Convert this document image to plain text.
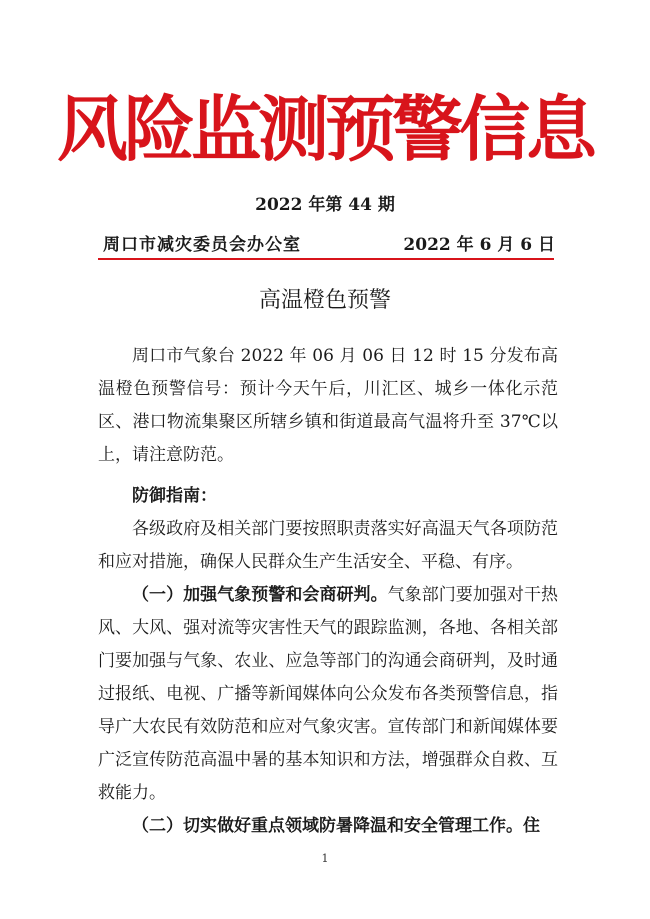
风险监测预警信息
2022 年第 44 期
周口市减灾委员会办公室	2022 年 6 月 6 日
高温橙色预警

周口市气象台 2022 年 06 月 06 日 12 时 15 分发布高温橙色预警信号：预计今天午后，川汇区、城乡一体化示范区、港口物流集聚区所辖乡镇和街道最高气温将升至 37℃以上，请注意防范。

防御指南：

各级政府及相关部门要按照职责落实好高温天气各项防范和应对措施，确保人民群众生产生活安全、平稳、有序。

（一）加强气象预警和会商研判。气象部门要加强对干热风、大风、强对流等灾害性天气的跟踪监测，各地、各相关部门要加强与气象、农业、应急等部门的沟通会商研判，及时通过报纸、电视、广播等新闻媒体向公众发布各类预警信息，指导广大农民有效防范和应对气象灾害。宣传部门和新闻媒体要广泛宣传防范高温中暑的基本知识和方法，增强群众自救、互救能力。

（二）切实做好重点领域防暑降温和安全管理工作。住

1
